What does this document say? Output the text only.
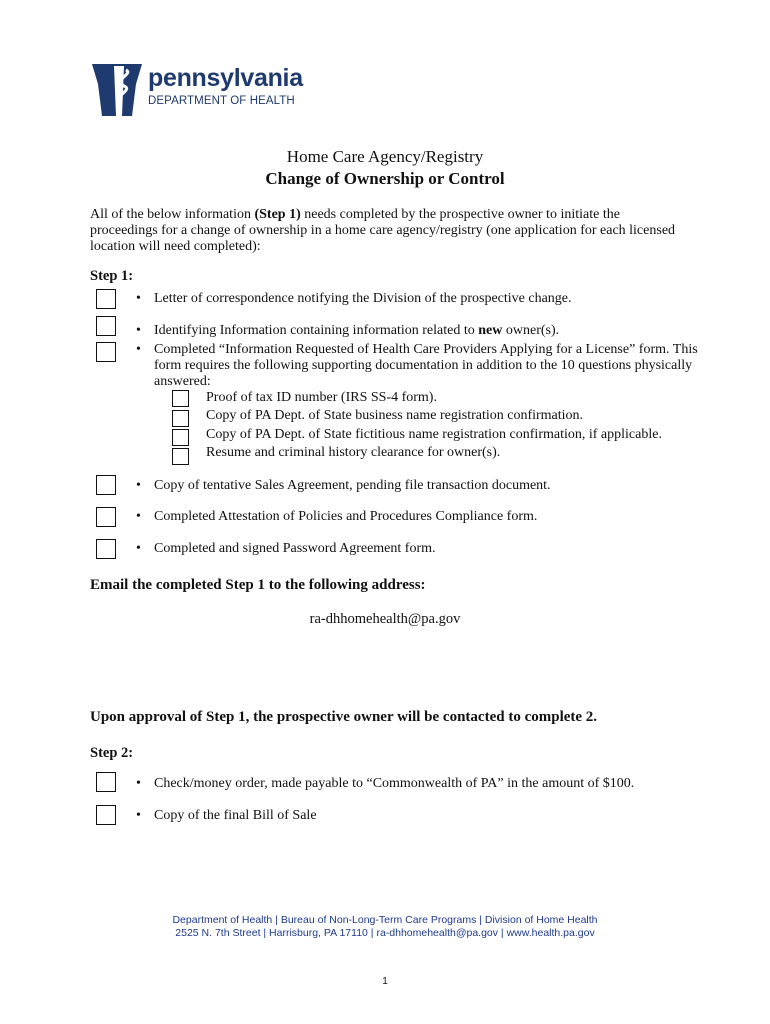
pennsylvania
DEPARTMENT OF HEALTH
Home Care Agency/Registry
Change of Ownership or Control
All of the below information (Step 1) needs completed by the prospective owner to initiate the proceedings for a change of ownership in a home care agency/registry (one application for each licensed location will need completed):
Step 1:
• Letter of correspondence notifying the Division of the prospective change.
• Identifying Information containing information related to new owner(s).
• Completed “Information Requested of Health Care Providers Applying for a License” form. This
form requires the following supporting documentation in addition to the 10 questions physically
answered:
Proof of tax ID number (IRS SS-4 form).
Copy of PA Dept. of State business name registration confirmation.
Copy of PA Dept. of State fictitious name registration confirmation, if applicable.
Resume and criminal history clearance for owner(s).
• Copy of tentative Sales Agreement, pending file transaction document.
• Completed Attestation of Policies and Procedures Compliance form.
• Completed and signed Password Agreement form.
Email the completed Step 1 to the following address:
ra-dhhomehealth@pa.gov
Upon approval of Step 1, the prospective owner will be contacted to complete 2.
Step 2:
• Check/money order, made payable to “Commonwealth of PA” in the amount of $100.
• Copy of the final Bill of Sale
Department of Health | Bureau of Non-Long-Term Care Programs | Division of Home Health
2525 N. 7th Street | Harrisburg, PA 17110 | ra-dhhomehealth@pa.gov | www.health.pa.gov
1
